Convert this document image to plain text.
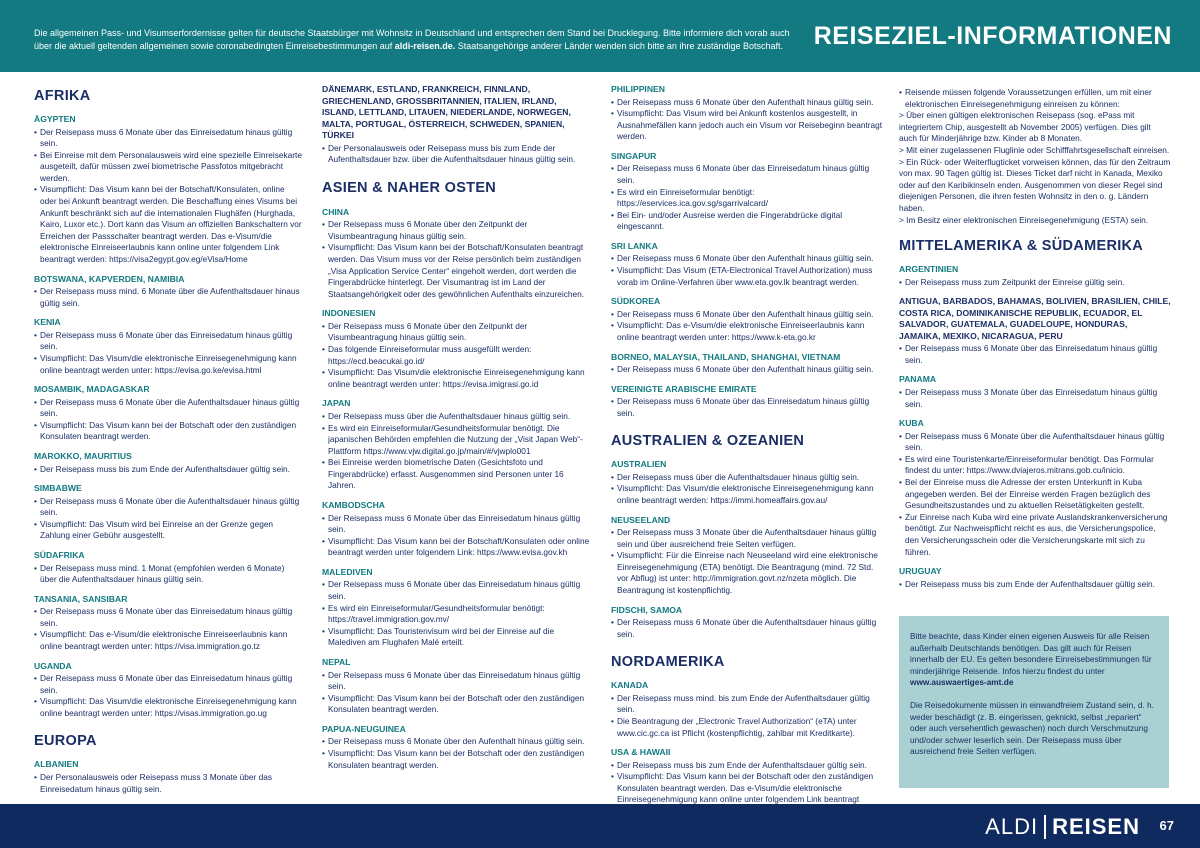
Die allgemeinen Pass- und Visumserfordernisse gelten für deutsche Staatsbürger mit Wohnsitz in Deutschland und entsprechen dem Stand bei Drucklegung. Bitte informiere dich vorab auch über die aktuell geltenden allgemeinen sowie coronabedingten Einreisebestimmungen auf aldi-reisen.de. Staatsangehörige anderer Länder wenden sich bitte an ihre zuständige Botschaft.	REISEZIEL-INFORMATIONEN
AFRIKA
ÄGYPTEN
• Der Reisepass muss 6 Monate über das Einreisedatum hinaus gültig sein.
• Bei Einreise mit dem Personalausweis wird eine spezielle Einreisekarte ausgeteilt, dafür müssen zwei biometrische Passfotos mitgebracht werden.
• Visumpflicht: Das Visum kann bei der Botschaft/Konsulaten, online oder bei Ankunft beantragt werden. Die Beschaffung eines Visums bei Ankunft beschränkt sich auf die internationalen Flughäfen (Hurghada, Kairo, Luxor etc.). Dort kann das Visum an offiziellen Bankschaltern vor Erreichen der Passschalter beantragt werden. Das e-Visum/die elektronische Einreiseerlaubnis kann online unter folgendem Link beantragt werden: https://visa2egypt.gov.eg/eVisa/Home
BOTSWANA, KAPVERDEN, NAMIBIA
• Der Reisepass muss mind. 6 Monate über die Aufenthaltsdauer hinaus gültig sein.
KENIA
• Der Reisepass muss 6 Monate über das Einreisedatum hinaus gültig sein.
• Visumpflicht: Das Visum/die elektronische Einreisegenehmigung kann online beantragt werden unter: https://evisa.go.ke/evisa.html
MOSAMBIK, MADAGASKAR
• Der Reisepass muss 6 Monate über die Aufenthaltsdauer hinaus gültig sein.
• Visumpflicht: Das Visum kann bei der Botschaft oder den zuständigen Konsulaten beantragt werden.
MAROKKO, MAURITIUS
• Der Reisepass muss bis zum Ende der Aufenthaltsdauer gültig sein.
SIMBABWE
• Der Reisepass muss 6 Monate über die Aufenthaltsdauer hinaus gültig sein.
• Visumpflicht: Das Visum wird bei Einreise an der Grenze gegen Zahlung einer Gebühr ausgestellt.
SÜDAFRIKA
• Der Reisepass muss mind. 1 Monat (empfohlen werden 6 Monate) über die Aufenthaltsdauer hinaus gültig sein.
TANSANIA, SANSIBAR
• Der Reisepass muss 6 Monate über das Einreisedatum hinaus gültig sein.
• Visumpflicht: Das e-Visum/die elektronische Einreiseerlaubnis kann online beantragt werden unter: https://visa.immigration.go.tz
UGANDA
• Der Reisepass muss 6 Monate über das Einreisedatum hinaus gültig sein.
• Visumpflicht: Das Visum/die elektronische Einreisegenehmigung kann online beantragt werden unter: https://visas.immigration.go.ug
EUROPA
ALBANIEN
• Der Personalausweis oder Reisepass muss 3 Monate über das Einreisedatum hinaus gültig sein.
DÄNEMARK, ESTLAND, FRANKREICH, FINNLAND, GRIECHENLAND, GROSSBRITANNIEN, ITALIEN, IRLAND, ISLAND, LETTLAND, LITAUEN, NIEDERLANDE, NORWEGEN, MALTA, PORTUGAL, ÖSTERREICH, SCHWEDEN, SPANIEN, TÜRKEI
• Der Personalausweis oder Reisepass muss bis zum Ende der Aufenthaltsdauer bzw. über die Aufenthaltsdauer hinaus gültig sein.
ASIEN & NAHER OSTEN
CHINA
• Der Reisepass muss 6 Monate über den Zeitpunkt der Visumbeantragung hinaus gültig sein.
• Visumpflicht: Das Visum kann bei der Botschaft/Konsulaten beantragt werden. Das Visum muss vor der Reise persönlich beim zuständigen „Visa Application Service Center“ eingeholt werden, dort werden die Fingerabdrücke hinterlegt. Der Visumantrag ist im Land der Staatsangehörigkeit oder des gewöhnlichen Aufenthalts einzureichen.
INDONESIEN
• Der Reisepass muss 6 Monate über den Zeitpunkt der Visumbeantragung hinaus gültig sein.
• Das folgende Einreiseformular muss ausgefüllt werden: https://ecd.beacukai.go.id/
• Visumpflicht: Das Visum/die elektronische Einreisegenehmigung kann online beantragt werden unter: https://evisa.imigrasi.go.id
JAPAN
• Der Reisepass muss über die Aufenthaltsdauer hinaus gültig sein.
• Es wird ein Einreiseformular/Gesundheitsformular benötigt. Die japanischen Behörden empfehlen die Nutzung der „Visit Japan Web“-Plattform https://www.vjw.digital.go.jp/main/#/vjwplo001
• Bei Einreise werden biometrische Daten (Gesichtsfoto und Fingerabdrücke) erfasst. Ausgenommen sind Personen unter 16 Jahren.
KAMBODSCHA
• Der Reisepass muss 6 Monate über das Einreisedatum hinaus gültig sein.
• Visumpflicht: Das Visum kann bei der Botschaft/Konsulaten oder online beantragt werden unter folgendem Link: https://www.evisa.gov.kh
MALEDIVEN
• Der Reisepass muss 6 Monate über das Einreisedatum hinaus gültig sein.
• Es wird ein Einreiseformular/Gesundheitsformular benötigt: https://travel.immigration.gov.mv/
• Visumpflicht: Das Touristenvisum wird bei der Einreise auf die Malediven am Flughafen Malé erteilt.
NEPAL
• Der Reisepass muss 6 Monate über das Einreisedatum hinaus gültig sein.
• Visumpflicht: Das Visum kann bei der Botschaft oder den zuständigen Konsulaten beantragt werden.
PAPUA-NEUGUINEA
• Der Reisepass muss 6 Monate über den Aufenthalt hinaus gültig sein.
• Visumpflicht: Das Visum kann bei der Botschaft oder den zuständigen Konsulaten beantragt werden.
PHILIPPINEN
• Der Reisepass muss 6 Monate über den Aufenthalt hinaus gültig sein.
• Visumpflicht: Das Visum wird bei Ankunft kostenlos ausgestellt, in Ausnahmefällen kann jedoch auch ein Visum vor Reisebeginn beantragt werden.
SINGAPUR
• Der Reisepass muss 6 Monate über das Einreisedatum hinaus gültig sein.
• Es wird ein Einreiseformular benötigt: https://eservices.ica.gov.sg/sgarrivalcard/
• Bei Ein- und/oder Ausreise werden die Fingerabdrücke digital eingescannt.
SRI LANKA
• Der Reisepass muss 6 Monate über den Aufenthalt hinaus gültig sein.
• Visumpflicht: Das Visum (ETA-Electronical Travel Authorization) muss vorab im Online-Verfahren über www.eta.gov.lk beantragt werden.
SÜDKOREA
• Der Reisepass muss 6 Monate über den Aufenthalt hinaus gültig sein.
• Visumpflicht: Das e-Visum/die elektronische Einreiseerlaubnis kann online beantragt werden unter: https://www.k-eta.go.kr
BORNEO, MALAYSIA, THAILAND, SHANGHAI, VIETNAM
• Der Reisepass muss 6 Monate über den Aufenthalt hinaus gültig sein.
VEREINIGTE ARABISCHE EMIRATE
• Der Reisepass muss 6 Monate über das Einreisedatum hinaus gültig sein.
AUSTRALIEN & OZEANIEN
AUSTRALIEN
• Der Reisepass muss über die Aufenthaltsdauer hinaus gültig sein.
• Visumpflicht: Das Visum/die elektronische Einreisegenehmigung kann online beantragt werden: https://immi.homeaffairs.gov.au/
NEUSEELAND
• Der Reisepass muss 3 Monate über die Aufenthaltsdauer hinaus gültig sein und über ausreichend freie Seiten verfügen.
• Visumpflicht: Für die Einreise nach Neuseeland wird eine elektronische Einreisegenehmigung (ETA) benötigt. Die Beantragung (mind. 72 Std. vor Abflug) ist unter: http://immigration.govt.nz/nzeta möglich. Die Beantragung ist kostenpflichtig.
FIDSCHI, SAMOA
• Der Reisepass muss 6 Monate über die Aufenthaltsdauer hinaus gültig sein.
NORDAMERIKA
KANADA
• Der Reisepass muss mind. bis zum Ende der Aufenthaltsdauer gültig sein.
• Die Beantragung der „Electronic Travel Authorization“ (eTA) unter www.cic.gc.ca ist Pflicht (kostenpflichtig, zahlbar mit Kreditkarte).
USA & HAWAII
• Der Reisepass muss bis zum Ende der Aufenthaltsdauer gültig sein.
• Visumpflicht: Das Visum kann bei der Botschaft oder den zuständigen Konsulaten beantragt werden. Das e-Visum/die elektronische Einreisegenehmigung kann online unter folgendem Link beantragt
• Reisende müssen folgende Voraussetzungen erfüllen, um mit einer elektronischen Einreisegenehmigung einreisen zu können:

> Über einen gültigen elektronischen Reisepass (sog. ePass mit integriertem Chip, ausgestellt ab November 2005) verfügen. Dies gilt auch für Minderjährige bzw. Kinder ab 8 Monaten.

> Mit einer zugelassenen Fluglinie oder Schifffahrtsgesellschaft einreisen.

> Ein Rück- oder Weiterflugticket vorweisen können, das für den Zeitraum von max. 90 Tagen gültig ist. Dieses Ticket darf nicht in Kanada, Mexiko oder auf den Karibikinseln enden. Ausgenommen von dieser Regel sind diejenigen Personen, die ihren festen Wohnsitz in den o. g. Ländern haben.

> Im Besitz einer elektronischen Einreisegenehmigung (ESTA) sein.

MITTELAMERIKA & SÜDAMERIKA
ARGENTINIEN
• Der Reisepass muss zum Zeitpunkt der Einreise gültig sein.
ANTIGUA, BARBADOS, BAHAMAS, BOLIVIEN, BRASILIEN, CHILE, COSTA RICA, DOMINIKANISCHE REPUBLIK, ECUADOR, EL SALVADOR, GUATEMALA, GUADELOUPE, HONDURAS, JAMAIKA, MEXIKO, NICARAGUA, PERU
• Der Reisepass muss 6 Monate über das Einreisedatum hinaus gültig sein.
PANAMA
• Der Reisepass muss 3 Monate über das Einreisedatum hinaus gültig sein.
KUBA
• Der Reisepass muss 6 Monate über die Aufenthaltsdauer hinaus gültig sein.
• Es wird eine Touristenkarte/Einreiseformular benötigt. Das Formular findest du unter: https://www.dviajeros.mitrans.gob.cu/inicio.
• Bei der Einreise muss die Adresse der ersten Unterkunft in Kuba angegeben werden. Bei der Einreise werden Fragen bezüglich des Gesundheitszustandes und zu aktuellen Reisetätigkeiten gestellt.
• Zur Einreise nach Kuba wird eine private Auslandskrankenversicherung benötigt. Zur Nachweispflicht reicht es aus, die Versicherungspolice, den Versicherungsschein oder die Versicherungskarte mit sich zu führen.
URUGUAY
• Der Reisepass muss bis zum Ende der Aufenthaltsdauer gültig sein.

Bitte beachte, dass Kinder einen eigenen Ausweis für alle Reisen außerhalb Deutschlands benötigen. Das gilt auch für Reisen innerhalb der EU. Es gelten besondere Einreisebestimmungen für minderjährige Reisende. Infos hierzu findest du unter www.auswaertiges-amt.de

Die Reisedokumente müssen in einwandfreiem Zustand sein, d. h. weder beschädigt (z. B. eingerissen, geknickt, selbst „repariert“ oder auch versehentlich gewaschen) noch durch Verschmutzung und/oder schwer leserlich sein. Der Reisepass muss über ausreichend freie Seiten verfügen.

ALDI REISEN 67
